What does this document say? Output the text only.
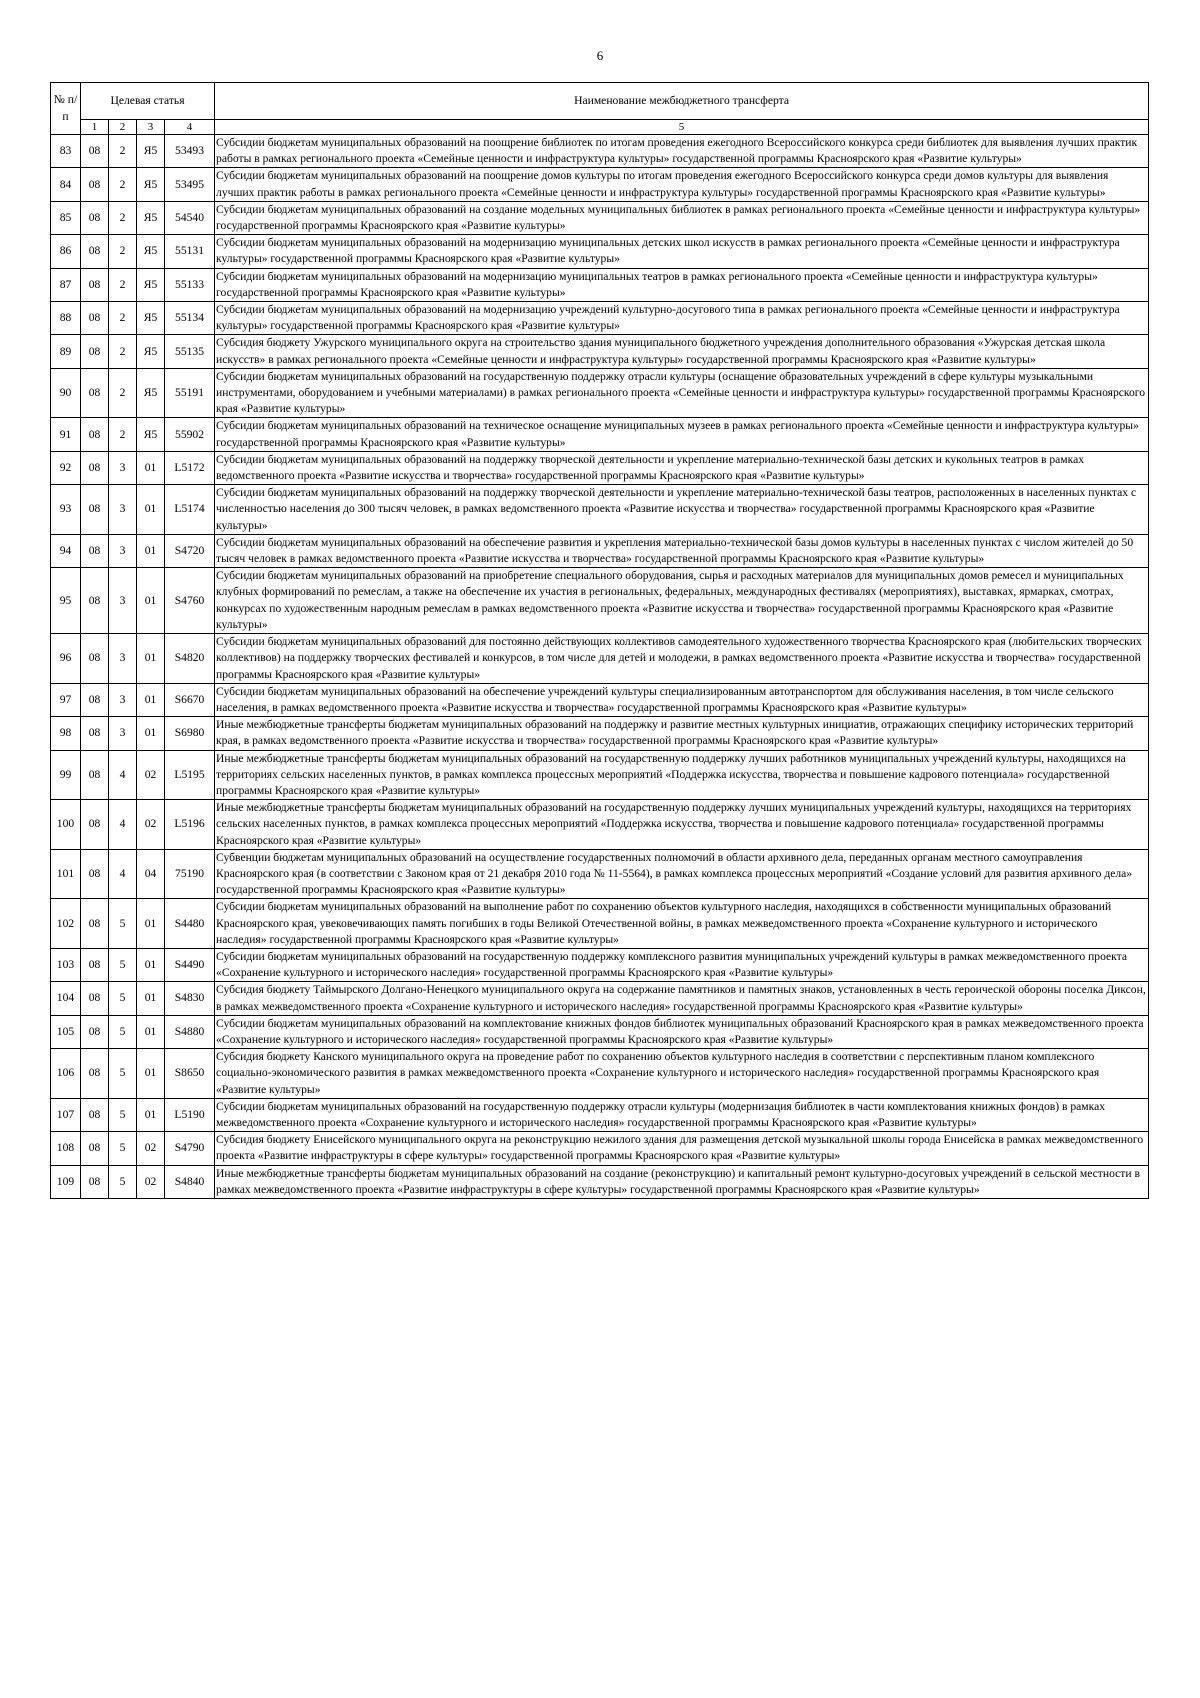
6
№ п/п	Целевая статья				Наименование межбюджетного трансферта
	1	2	3	4	5
83	08	2	Я5	53493	Субсидии бюджетам муниципальных образований на поощрение библиотек по итогам проведения ежегодного Всероссийского конкурса среди библиотек для выявления лучших практик работы в рамках регионального проекта «Семейные ценности и инфраструктура культуры» государственной программы Красноярского края «Развитие культуры»
84	08	2	Я5	53495	Субсидии бюджетам муниципальных образований на поощрение домов культуры по итогам проведения ежегодного Всероссийского конкурса среди домов культуры для выявления лучших практик работы в рамках регионального проекта «Семейные ценности и инфраструктура культуры» государственной программы Красноярского края «Развитие культуры»
85	08	2	Я5	54540	Субсидии бюджетам муниципальных образований на создание модельных муниципальных библиотек в рамках регионального проекта «Семейные ценности и инфраструктура культуры» государственной программы Красноярского края «Развитие культуры»
86	08	2	Я5	55131	Субсидии бюджетам муниципальных образований на модернизацию муниципальных детских школ искусств в рамках регионального проекта «Семейные ценности и инфраструктура культуры» государственной программы Красноярского края «Развитие культуры»
87	08	2	Я5	55133	Субсидии бюджетам муниципальных образований на модернизацию муниципальных театров в рамках регионального проекта «Семейные ценности и инфраструктура культуры» государственной программы Красноярского края «Развитие культуры»
88	08	2	Я5	55134	Субсидии бюджетам муниципальных образований на модернизацию учреждений культурно-досугового типа в рамках регионального проекта «Семейные ценности и инфраструктура культуры» государственной программы Красноярского края «Развитие культуры»
89	08	2	Я5	55135	Субсидия бюджету Ужурского муниципального округа на строительство здания муниципального бюджетного учреждения дополнительного образования «Ужурская детская школа искусств» в рамках регионального проекта «Семейные ценности и инфраструктура культуры» государственной программы Красноярского края «Развитие культуры»
90	08	2	Я5	55191	Субсидии бюджетам муниципальных образований на государственную поддержку отрасли культуры (оснащение образовательных учреждений в сфере культуры музыкальными инструментами, оборудованием и учебными материалами) в рамках регионального проекта «Семейные ценности и инфраструктура культуры» государственной программы Красноярского края «Развитие культуры»
91	08	2	Я5	55902	Субсидии бюджетам муниципальных образований на техническое оснащение муниципальных музеев в рамках регионального проекта «Семейные ценности и инфраструктура культуры» государственной программы Красноярского края «Развитие культуры»
92	08	3	01	L5172	Субсидии бюджетам муниципальных образований на поддержку творческой деятельности и укрепление материально-технической базы детских и кукольных театров в рамках ведомственного проекта «Развитие искусства и творчества» государственной программы Красноярского края «Развитие культуры»
93	08	3	01	L5174	Субсидии бюджетам муниципальных образований на поддержку творческой деятельности и укрепление материально-технической базы театров, расположенных в населенных пунктах с численностью населения до 300 тысяч человек, в рамках ведомственного проекта «Развитие искусства и творчества» государственной программы Красноярского края «Развитие культуры»
94	08	3	01	S4720	Субсидии бюджетам муниципальных образований на обеспечение развития и укрепления материально-технической базы домов культуры в населенных пунктах с числом жителей до 50 тысяч человек в рамках ведомственного проекта «Развитие искусства и творчества» государственной программы Красноярского края «Развитие культуры»
95	08	3	01	S4760	Субсидии бюджетам муниципальных образований на приобретение специального оборудования, сырья и расходных материалов для муниципальных домов ремесел и муниципальных клубных формирований по ремеслам, а также на обеспечение их участия в региональных, федеральных, международных фестивалях (мероприятиях), выставках, ярмарках, смотрах, конкурсах по художественным народным ремеслам в рамках ведомственного проекта «Развитие искусства и творчества» государственной программы Красноярского края «Развитие культуры»
96	08	3	01	S4820	Субсидии бюджетам муниципальных образований для постоянно действующих коллективов самодеятельного художественного творчества Красноярского края (любительских творческих коллективов) на поддержку творческих фестивалей и конкурсов, в том числе для детей и молодежи, в рамках ведомственного проекта «Развитие искусства и творчества» государственной программы Красноярского края «Развитие культуры»
97	08	3	01	S6670	Субсидии бюджетам муниципальных образований на обеспечение учреждений культуры специализированным автотранспортом для обслуживания населения, в том числе сельского населения, в рамках ведомственного проекта «Развитие искусства и творчества» государственной программы Красноярского края «Развитие культуры»
98	08	3	01	S6980	Иные межбюджетные трансферты бюджетам муниципальных образований на поддержку и развитие местных культурных инициатив, отражающих специфику исторических территорий края, в рамках ведомственного проекта «Развитие искусства и творчества» государственной программы Красноярского края «Развитие культуры»
99	08	4	02	L5195	Иные межбюджетные трансферты бюджетам муниципальных образований на государственную поддержку лучших работников муниципальных учреждений культуры, находящихся на территориях сельских населенных пунктов, в рамках комплекса процессных мероприятий «Поддержка искусства, творчества и повышение кадрового потенциала» государственной программы Красноярского края «Развитие культуры»
100	08	4	02	L5196	Иные межбюджетные трансферты бюджетам муниципальных образований на государственную поддержку лучших муниципальных учреждений культуры, находящихся на территориях сельских населенных пунктов, в рамках комплекса процессных мероприятий «Поддержка искусства, творчества и повышение кадрового потенциала» государственной программы Красноярского края «Развитие культуры»
101	08	4	04	75190	Субвенции бюджетам муниципальных образований на осуществление государственных полномочий в области архивного дела, переданных органам местного самоуправления Красноярского края (в соответствии с Законом края от 21 декабря 2010 года № 11-5564), в рамках комплекса процессных мероприятий «Создание условий для развития архивного дела» государственной программы Красноярского края «Развитие культуры»
102	08	5	01	S4480	Субсидии бюджетам муниципальных образований на выполнение работ по сохранению объектов культурного наследия, находящихся в собственности муниципальных образований Красноярского края, увековечивающих память погибших в годы Великой Отечественной войны, в рамках межведомственного проекта «Сохранение культурного и исторического наследия» государственной программы Красноярского края «Развитие культуры»
103	08	5	01	S4490	Субсидии бюджетам муниципальных образований на государственную поддержку комплексного развития муниципальных учреждений культуры в рамках межведомственного проекта «Сохранение культурного и исторического наследия» государственной программы Красноярского края «Развитие культуры»
104	08	5	01	S4830	Субсидия бюджету Таймырского Долгано-Ненецкого муниципального округа на содержание памятников и памятных знаков, установленных в честь героической обороны поселка Диксон, в рамках межведомственного проекта «Сохранение культурного и исторического наследия» государственной программы Красноярского края «Развитие культуры»
105	08	5	01	S4880	Субсидии бюджетам муниципальных образований на комплектование книжных фондов библиотек муниципальных образований Красноярского края в рамках межведомственного проекта «Сохранение культурного и исторического наследия» государственной программы Красноярского края «Развитие культуры»
106	08	5	01	S8650	Субсидия бюджету Канского муниципального округа на проведение работ по сохранению объектов культурного наследия в соответствии с перспективным планом комплексного социально-экономического развития в рамках межведомственного проекта «Сохранение культурного и исторического наследия» государственной программы Красноярского края «Развитие культуры»
107	08	5	01	L5190	Субсидии бюджетам муниципальных образований на государственную поддержку отрасли культуры (модернизация библиотек в части комплектования книжных фондов) в рамках межведомственного проекта «Сохранение культурного и исторического наследия» государственной программы Красноярского края «Развитие культуры»
108	08	5	02	S4790	Субсидия бюджету Енисейского муниципального округа на реконструкцию нежилого здания для размещения детской музыкальной школы города Енисейска в рамках межведомственного проекта «Развитие инфраструктуры в сфере культуры» государственной программы Красноярского края «Развитие культуры»
109	08	5	02	S4840	Иные межбюджетные трансферты бюджетам муниципальных образований на создание (реконструкцию) и капитальный ремонт культурно-досуговых учреждений в сельской местности в рамках межведомственного проекта «Развитие инфраструктуры в сфере культуры» государственной программы Красноярского края «Развитие культуры»
